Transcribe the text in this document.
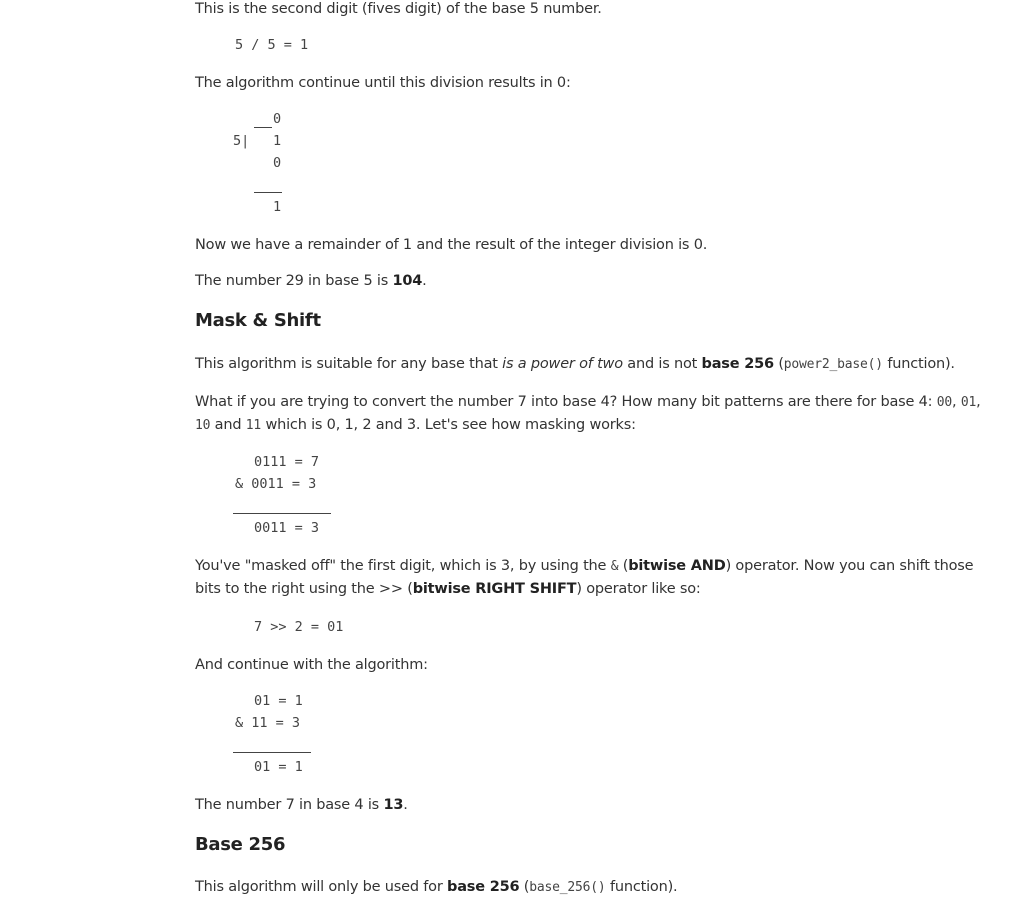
This is the second digit (fives digit) of the base 5 number.

5 / 5 = 1

The algorithm continue until this division results in 0:

0
5| 1
0
1

Now we have a remainder of 1 and the result of the integer division is 0.

The number 29 in base 5 is 104.

Mask & Shift

This algorithm is suitable for any base that is a power of two and is not base 256 (power2_base() function).

What if you are trying to convert the number 7 into base 4? How many bit patterns are there for base 4: 00, 01, 10 and 11 which is 0, 1, 2 and 3. Let's see how masking works:

0111 = 7
& 0011 = 3
0011 = 3

You've "masked off" the first digit, which is 3, by using the & (bitwise AND) operator. Now you can shift those bits to the right using the >> (bitwise RIGHT SHIFT) operator like so:

7 >> 2 = 01

And continue with the algorithm:

01 = 1
& 11 = 3
01 = 1

The number 7 in base 4 is 13.

Base 256

This algorithm will only be used for base 256 (base_256() function).
